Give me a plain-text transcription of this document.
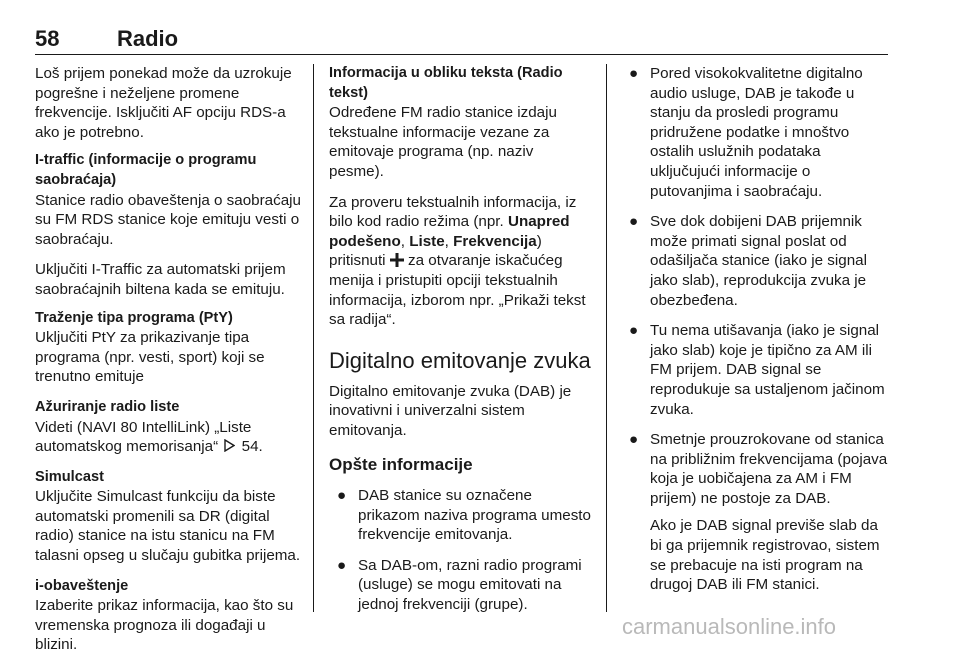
58	Radio

Loš prijem ponekad može da uzrokuje pogrešne i neželjene promene frekvencije. Isključiti AF opciju RDS-a ako je potrebno.

I-traffic (informacije o programu saobraćaja)
Stanice radio obaveštenja o saobraćaju su FM RDS stanice koje emituju vesti o saobraćaju.

Uključiti I-Traffic za automatski prijem saobraćajnih biltena kada se emituju.

Traženje tipa programa (PtY)
Uključiti PtY za prikazivanje tipa programa (npr. vesti, sport) koji se trenutno emituje
Ažuriranje radio liste
Videti (NAVI 80 IntelliLink) „Liste automatskog memorisanja“ 54.
Simulcast
Uključite Simulcast funkciju da biste automatski promenili sa DR (digital radio) stanice na istu stanicu na FM talasni opseg u slučaju gubitka prijema.
i-obaveštenje
Izaberite prikaz informacija, kao što su vremenska prognoza ili događaji u blizini.
Informacija u obliku teksta (Radio tekst)
Određene FM radio stanice izdaju tekstualne informacije vezane za emitovaje programa (np. naziv pesme).

Za proveru tekstualnih informacija, iz bilo kod radio režima (npr. Unapred podešeno, Liste, Frekvencija) pritisnuti za otvaranje iskačućeg menija i pristupiti opciji tekstualnih informacija, izborom npr. „Prikaži tekst sa radija“.

Digitalno emitovanje zvuka

Digitalno emitovanje zvuka (DAB) je inovativni i univerzalni sistem emitovanja.

Opšte informacije
● DAB stanice su označene prikazom naziva programa umesto frekvencije emitovanja.
● Sa DAB-om, razni radio programi (usluge) se mogu emitovati na jednoj frekvenciji (grupe).
● Pored visokokvalitetne digitalno audio usluge, DAB je takođe u stanju da prosledi programu pridružene podatke i mnoštvo ostalih uslužnih podataka uključujući informacije o putovanjima i saobraćaju.
● Sve dok dobijeni DAB prijemnik može primati signal poslat od odašiljača stanice (iako je signal jako slab), reprodukcija zvuka je obezbeđena.
● Tu nema utišavanja (iako je signal jako slab) koje je tipično za AM ili FM prijem. DAB signal se reprodukuje sa ustaljenom jačinom zvuka.
● Smetnje prouzrokovane od stanica na približnim frekvencijama (pojava koja je uobičajena za AM i FM prijem) ne postoje za DAB.
Ako je DAB signal previše slab da bi ga prijemnik registrovao, sistem se prebacuje na isti program na drugoj DAB ili FM stanici.
carmanualsonline.info
